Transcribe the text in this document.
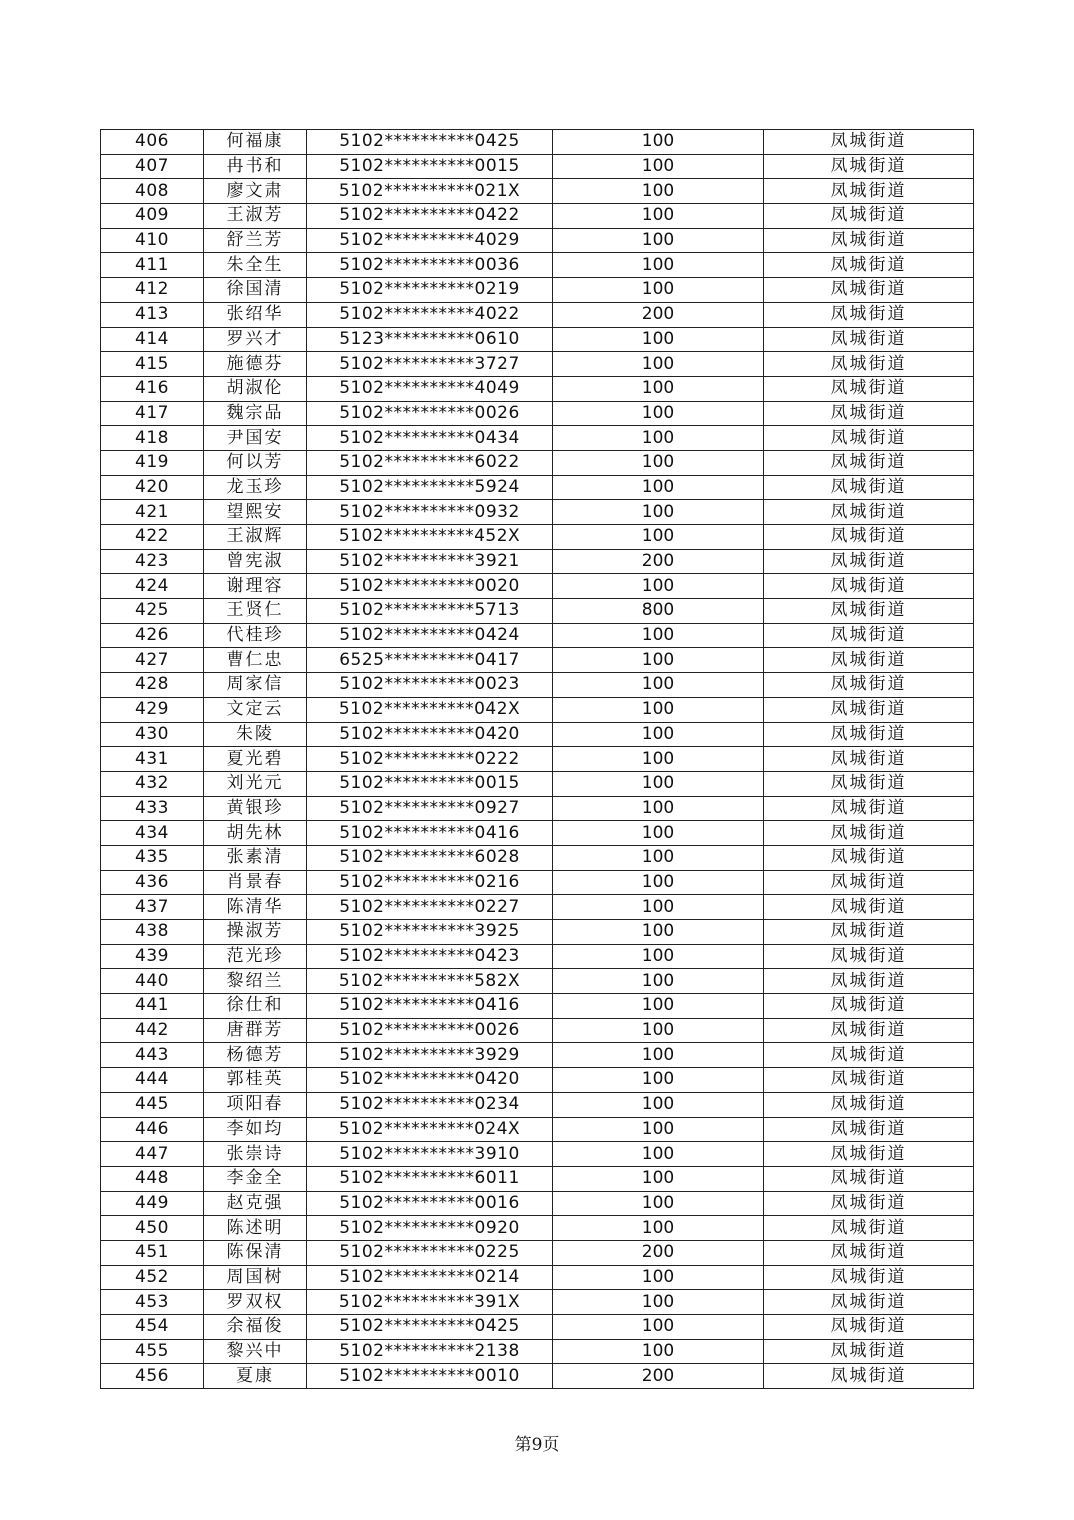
406	何福康	5102**********0425	100	凤城街道
407	冉书和	5102**********0015	100	凤城街道
408	廖文肃	5102**********021X	100	凤城街道
409	王淑芳	5102**********0422	100	凤城街道
410	舒兰芳	5102**********4029	100	凤城街道
411	朱全生	5102**********0036	100	凤城街道
412	徐国清	5102**********0219	100	凤城街道
413	张绍华	5102**********4022	200	凤城街道
414	罗兴才	5123**********0610	100	凤城街道
415	施德芬	5102**********3727	100	凤城街道
416	胡淑伦	5102**********4049	100	凤城街道
417	魏宗品	5102**********0026	100	凤城街道
418	尹国安	5102**********0434	100	凤城街道
419	何以芳	5102**********6022	100	凤城街道
420	龙玉珍	5102**********5924	100	凤城街道
421	望熙安	5102**********0932	100	凤城街道
422	王淑辉	5102**********452X	100	凤城街道
423	曾宪淑	5102**********3921	200	凤城街道
424	谢理容	5102**********0020	100	凤城街道
425	王贤仁	5102**********5713	800	凤城街道
426	代桂珍	5102**********0424	100	凤城街道
427	曹仁忠	6525**********0417	100	凤城街道
428	周家信	5102**********0023	100	凤城街道
429	文定云	5102**********042X	100	凤城街道
430	朱陵	5102**********0420	100	凤城街道
431	夏光碧	5102**********0222	100	凤城街道
432	刘光元	5102**********0015	100	凤城街道
433	黄银珍	5102**********0927	100	凤城街道
434	胡先林	5102**********0416	100	凤城街道
435	张素清	5102**********6028	100	凤城街道
436	肖景春	5102**********0216	100	凤城街道
437	陈清华	5102**********0227	100	凤城街道
438	操淑芳	5102**********3925	100	凤城街道
439	范光珍	5102**********0423	100	凤城街道
440	黎绍兰	5102**********582X	100	凤城街道
441	徐仕和	5102**********0416	100	凤城街道
442	唐群芳	5102**********0026	100	凤城街道
443	杨德芳	5102**********3929	100	凤城街道
444	郭桂英	5102**********0420	100	凤城街道
445	项阳春	5102**********0234	100	凤城街道
446	李如均	5102**********024X	100	凤城街道
447	张崇诗	5102**********3910	100	凤城街道
448	李金全	5102**********6011	100	凤城街道
449	赵克强	5102**********0016	100	凤城街道
450	陈述明	5102**********0920	100	凤城街道
451	陈保清	5102**********0225	200	凤城街道
452	周国树	5102**********0214	100	凤城街道
453	罗双权	5102**********391X	100	凤城街道
454	余福俊	5102**********0425	100	凤城街道
455	黎兴中	5102**********2138	100	凤城街道
456	夏康	5102**********0010	200	凤城街道
第9页
